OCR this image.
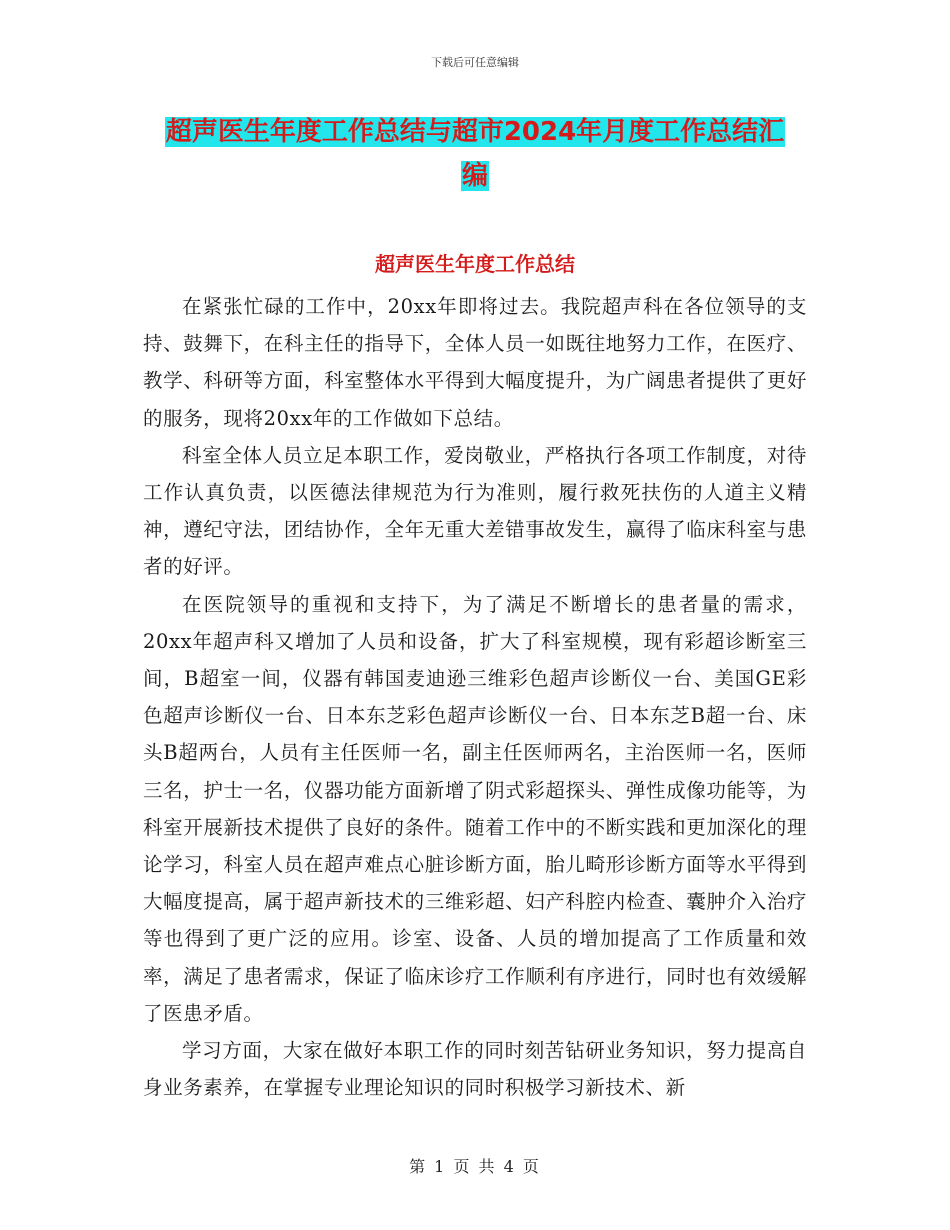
下载后可任意编辑
超声医生年度工作总结与超市2024年月度工作总结汇
编
超声医生年度工作总结

在紧张忙碌的工作中，20xx年即将过去。我院超声科在各位领导的支持、鼓舞下，在科主任的指导下，全体人员一如既往地努力工作，在医疗、教学、科研等方面，科室整体水平得到大幅度提升，为广阔患者提供了更好的服务，现将20xx年的工作做如下总结。

科室全体人员立足本职工作，爱岗敬业，严格执行各项工作制度，对待工作认真负责，以医德法律规范为行为准则，履行救死扶伤的人道主义精神，遵纪守法，团结协作，全年无重大差错事故发生，赢得了临床科室与患者的好评。

在医院领导的重视和支持下，为了满足不断增长的患者量的需求，20xx年超声科又增加了人员和设备，扩大了科室规模，现有彩超诊断室三间，B超室一间，仪器有韩国麦迪逊三维彩色超声诊断仪一台、美国GE彩色超声诊断仪一台、日本东芝彩色超声诊断仪一台、日本东芝B超一台、床头B超两台，人员有主任医师一名，副主任医师两名，主治医师一名，医师三名，护士一名，仪器功能方面新增了阴式彩超探头、弹性成像功能等，为科室开展新技术提供了良好的条件。随着工作中的不断实践和更加深化的理论学习，科室人员在超声难点心脏诊断方面，胎儿畸形诊断方面等水平得到大幅度提高，属于超声新技术的三维彩超、妇产科腔内检查、囊肿介入治疗等也得到了更广泛的应用。诊室、设备、人员的增加提高了工作质量和效率，满足了患者需求，保证了临床诊疗工作顺利有序进行，同时也有效缓解了医患矛盾。

学习方面，大家在做好本职工作的同时刻苦钻研业务知识，努力提高自身业务素养，在掌握专业理论知识的同时积极学习新技术、新

第 1 页 共 4 页
